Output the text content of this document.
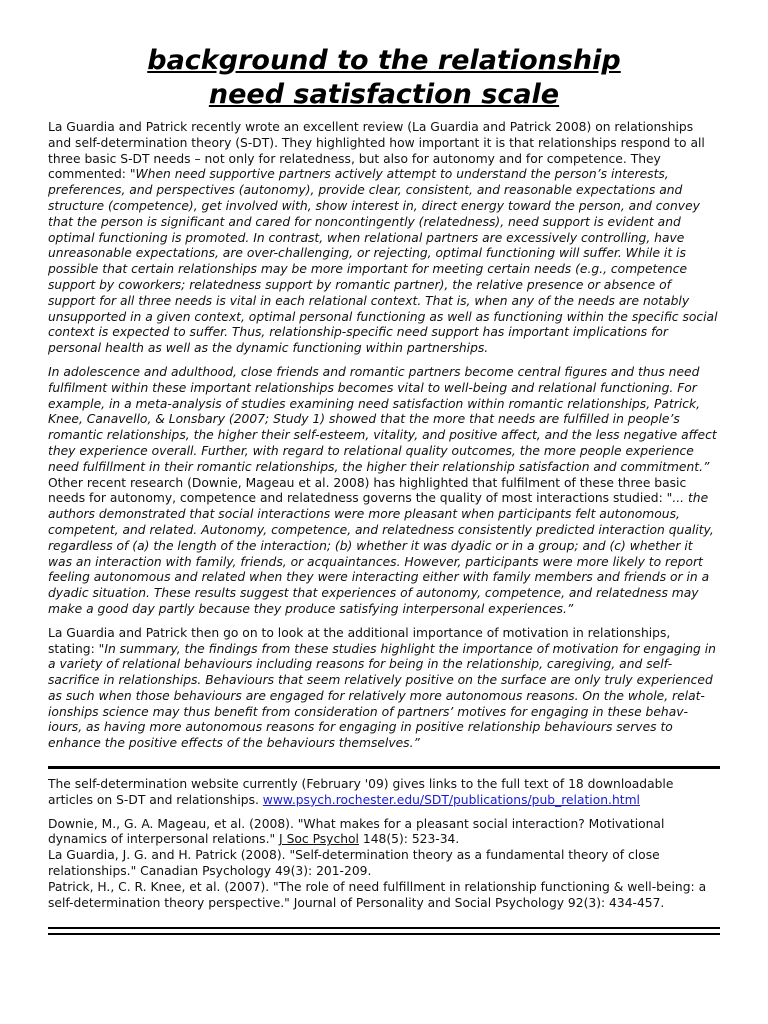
background to the relationship
need satisfaction scale

La Guardia and Patrick recently wrote an excellent review (La Guardia and Patrick 2008) on relationships and self-determination theory (S-DT). They highlighted how important it is that relationships respond to all three basic S-DT needs – not only for relatedness, but also for autonomy and for competence. They commented: "When need supportive partners actively attempt to understand the person’s interests, preferences, and perspectives (autonomy), provide clear, consistent, and reasonable expectations and structure (competence), get involved with, show interest in, direct energy toward the person, and convey that the person is significant and cared for noncontingently (relatedness), need support is evident and optimal functioning is promoted. In contrast, when relational partners are excessively controlling, have unreasonable expectations, are over-challenging, or rejecting, optimal functioning will suffer. While it is possible that certain relationships may be more important for meeting certain needs (e.g., competence support by coworkers; relatedness support by romantic partner), the relative presence or absence of support for all three needs is vital in each relational context. That is, when any of the needs are notably unsupported in a given context, optimal personal functioning as well as functioning within the specific social context is expected to suffer. Thus, relationship-specific need support has important implications for personal health as well as the dynamic functioning within partnerships.

In adolescence and adulthood, close friends and romantic partners become central figures and thus need fulfilment within these important relationships becomes vital to well-being and relational functioning. For example, in a meta-analysis of studies examining need satisfaction within romantic relationships, Patrick, Knee, Canavello, & Lonsbary (2007; Study 1) showed that the more that needs are fulfilled in people’s romantic relationships, the higher their self-esteem, vitality, and positive affect, and the less negative affect they experience overall. Further, with regard to relational quality outcomes, the more people experience need fulfillment in their romantic relationships, the higher their relationship satisfaction and commitment.” Other recent research (Downie, Mageau et al. 2008) has highlighted that fulfilment of these three basic needs for autonomy, competence and relatedness governs the quality of most interactions studied: "... the authors demonstrated that social interactions were more pleasant when participants felt autonomous, competent, and related. Autonomy, competence, and relatedness consistently predicted interaction quality, regardless of (a) the length of the interaction; (b) whether it was dyadic or in a group; and (c) whether it was an interaction with family, friends, or acquaintances. However, participants were more likely to report feeling autonomous and related when they were interacting either with family members and friends or in a dyadic situation. These results suggest that experiences of autonomy, competence, and relatedness may make a good day partly because they produce satisfying interpersonal experiences.”

La Guardia and Patrick then go on to look at the additional importance of motivation in relationships, stating: "In summary, the findings from these studies highlight the importance of motivation for engaging in a variety of relational behaviours including reasons for being in the relationship, caregiving, and self-sacrifice in relationships. Behaviours that seem relatively positive on the surface are only truly experienced as such when those behaviours are engaged for relatively more autonomous reasons. On the whole, relat-ionships science may thus benefit from consideration of partners’ motives for engaging in these behav-iours, as having more autonomous reasons for engaging in positive relationship behaviours serves to enhance the positive effects of the behaviours themselves.”

The self-determination website currently (February '09) gives links to the full text of 18 downloadable articles on S-DT and relationships. www.psych.rochester.edu/SDT/publications/pub_relation.html

Downie, M., G. A. Mageau, et al. (2008). "What makes for a pleasant social interaction? Motivational dynamics of interpersonal relations." J Soc Psychol 148(5): 523-34.

La Guardia, J. G. and H. Patrick (2008). "Self-determination theory as a fundamental theory of close relationships." Canadian Psychology 49(3): 201-209.

Patrick, H., C. R. Knee, et al. (2007). "The role of need fulfillment in relationship functioning & well-being: a self-determination theory perspective." Journal of Personality and Social Psychology 92(3): 434-457.
